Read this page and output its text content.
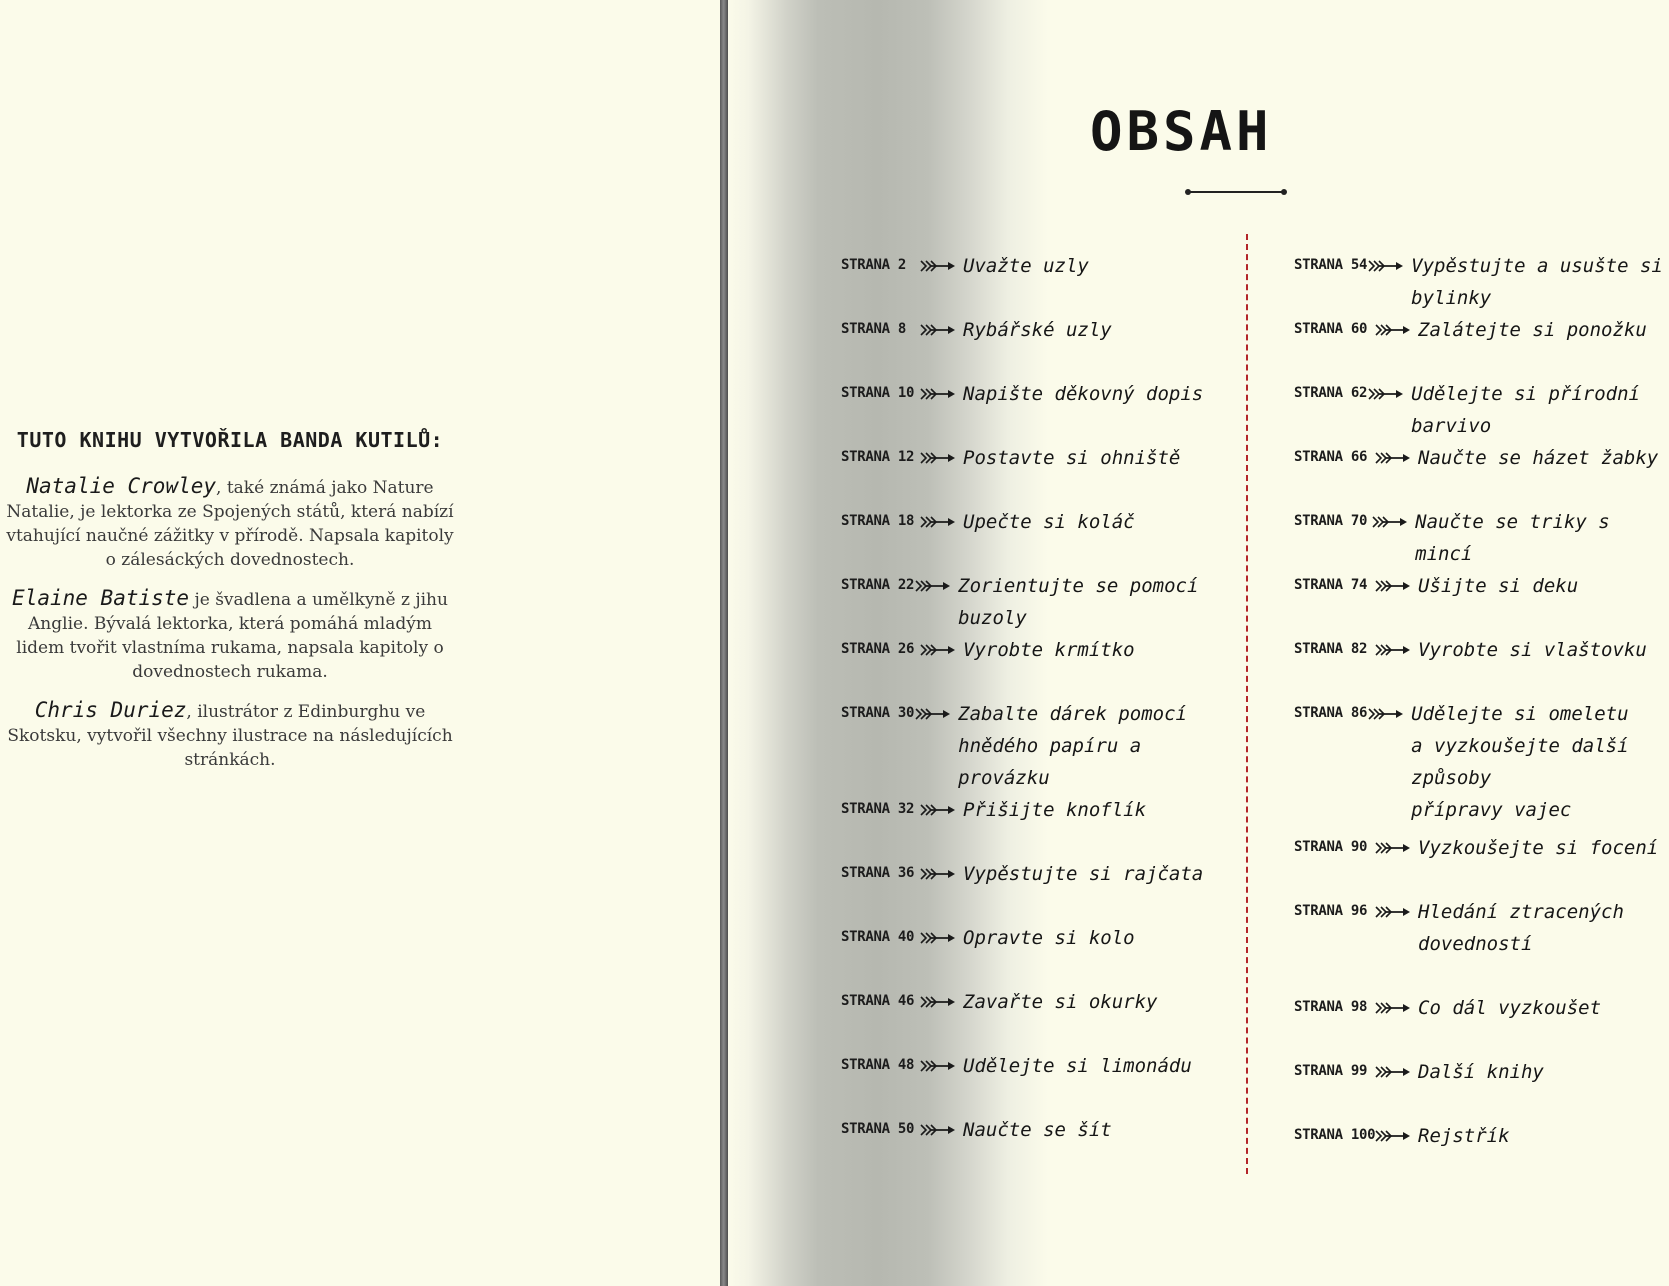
TUTO KNIHU VYTVOŘILA BANDA KUTILŮ:

Natalie Crowley, také známá jako Nature Natalie, je lektorka ze Spojených států, která nabízí vtahující naučné zážitky v přírodě. Napsala kapitoly o zálesáckých dovednostech.

Elaine Batiste je švadlena a umělkyně z jihu Anglie. Bývalá lektorka, která pomáhá mladým lidem tvořit vlastníma rukama, napsala kapitoly o dovednostech rukama.

Chris Duriez, ilustrátor z Edinburghu ve Skotsku, vytvořil všechny ilustrace na následujících stránkách.

OBSAH
STRANA 2	Uvažte uzly
STRANA 8	Rybářské uzly
STRANA 10	Napište děkovný dopis
STRANA 12	Postavte si ohniště
STRANA 18	Upečte si koláč
STRANA 22 Zorientujte se pomocí buzoly
STRANA 26	Vyrobte krmítko
STRANA 30 Zabalte dárek pomocí
hnědého papíru a provázku
STRANA 32	Přišijte knoflík
STRANA 36	Vypěstujte si rajčata
STRANA 40	Opravte si kolo
STRANA 46	Zavařte si okurky
STRANA 48	Udělejte si limonádu
STRANA 50	Naučte se šít
STRANA 54 Vypěstujte a usušte si bylinky
STRANA 60	Zalátejte si ponožku
STRANA 62 Udělejte si přírodní barvivo
STRANA 66	Naučte se házet žabky
STRANA 70	Naučte se triky s mincí
STRANA 74	Ušijte si deku
STRANA 82	Vyrobte si vlaštovku
STRANA 86 Udělejte si omeletu
a vyzkoušejte další způsoby
přípravy vajec
STRANA 90	Vyzkoušejte si focení
STRANA 96	Hledání ztracených
dovedností
STRANA 98	Co dál vyzkoušet
STRANA 99	Další knihy
STRANA 100 Rejstřík
